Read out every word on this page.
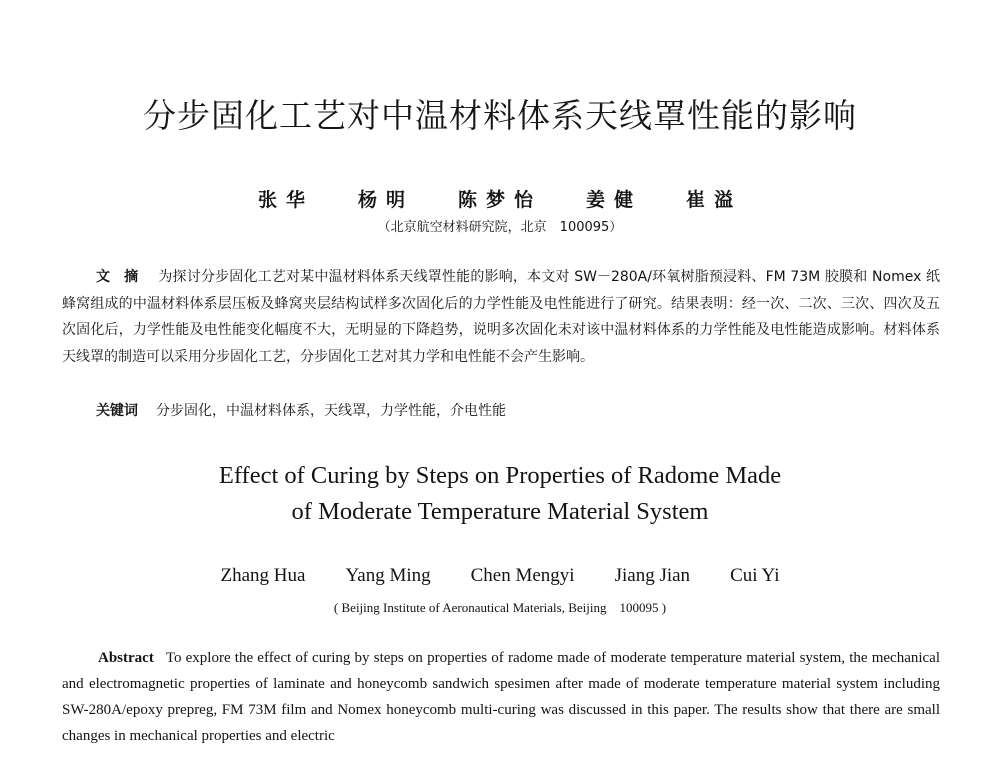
分步固化工艺对中温材料体系天线罩性能的影响
张华 杨明 陈梦怡 姜健 崔溢
（北京航空材料研究院，北京　100095）
文摘 为探讨分步固化工艺对某中温材料体系天线罩性能的影响，本文对 SW－280A/环氧树脂预浸料、FM 73M 胶膜和 Nomex 纸蜂窝组成的中温材料体系层压板及蜂窝夹层结构试样多次固化后的力学性能及电性能进行了研究。结果表明：经一次、二次、三次、四次及五次固化后，力学性能及电性能变化幅度不大，无明显的下降趋势，说明多次固化未对该中温材料体系的力学性能及电性能造成影响。材料体系天线罩的制造可以采用分步固化工艺，分步固化工艺对其力学和电性能不会产生影响。
关键词 分步固化，中温材料体系，天线罩，力学性能，介电性能
Effect of Curing by Steps on Properties of Radome Made
of Moderate Temperature Material System
Zhang Hua Yang Ming Chen Mengyi Jiang Jian Cui Yi
( Beijing Institute of Aeronautical Materials, Beijing　100095 )
Abstract To explore the effect of curing by steps on properties of radome made of moderate temperature material system, the mechanical and electromagnetic properties of laminate and honeycomb sandwich spesimen after made of moderate temperature material system including SW-280A/epoxy prepreg, FM 73M film and Nomex honeycomb multi-curing was discussed in this paper. The results show that there are small changes in mechanical properties and electric
